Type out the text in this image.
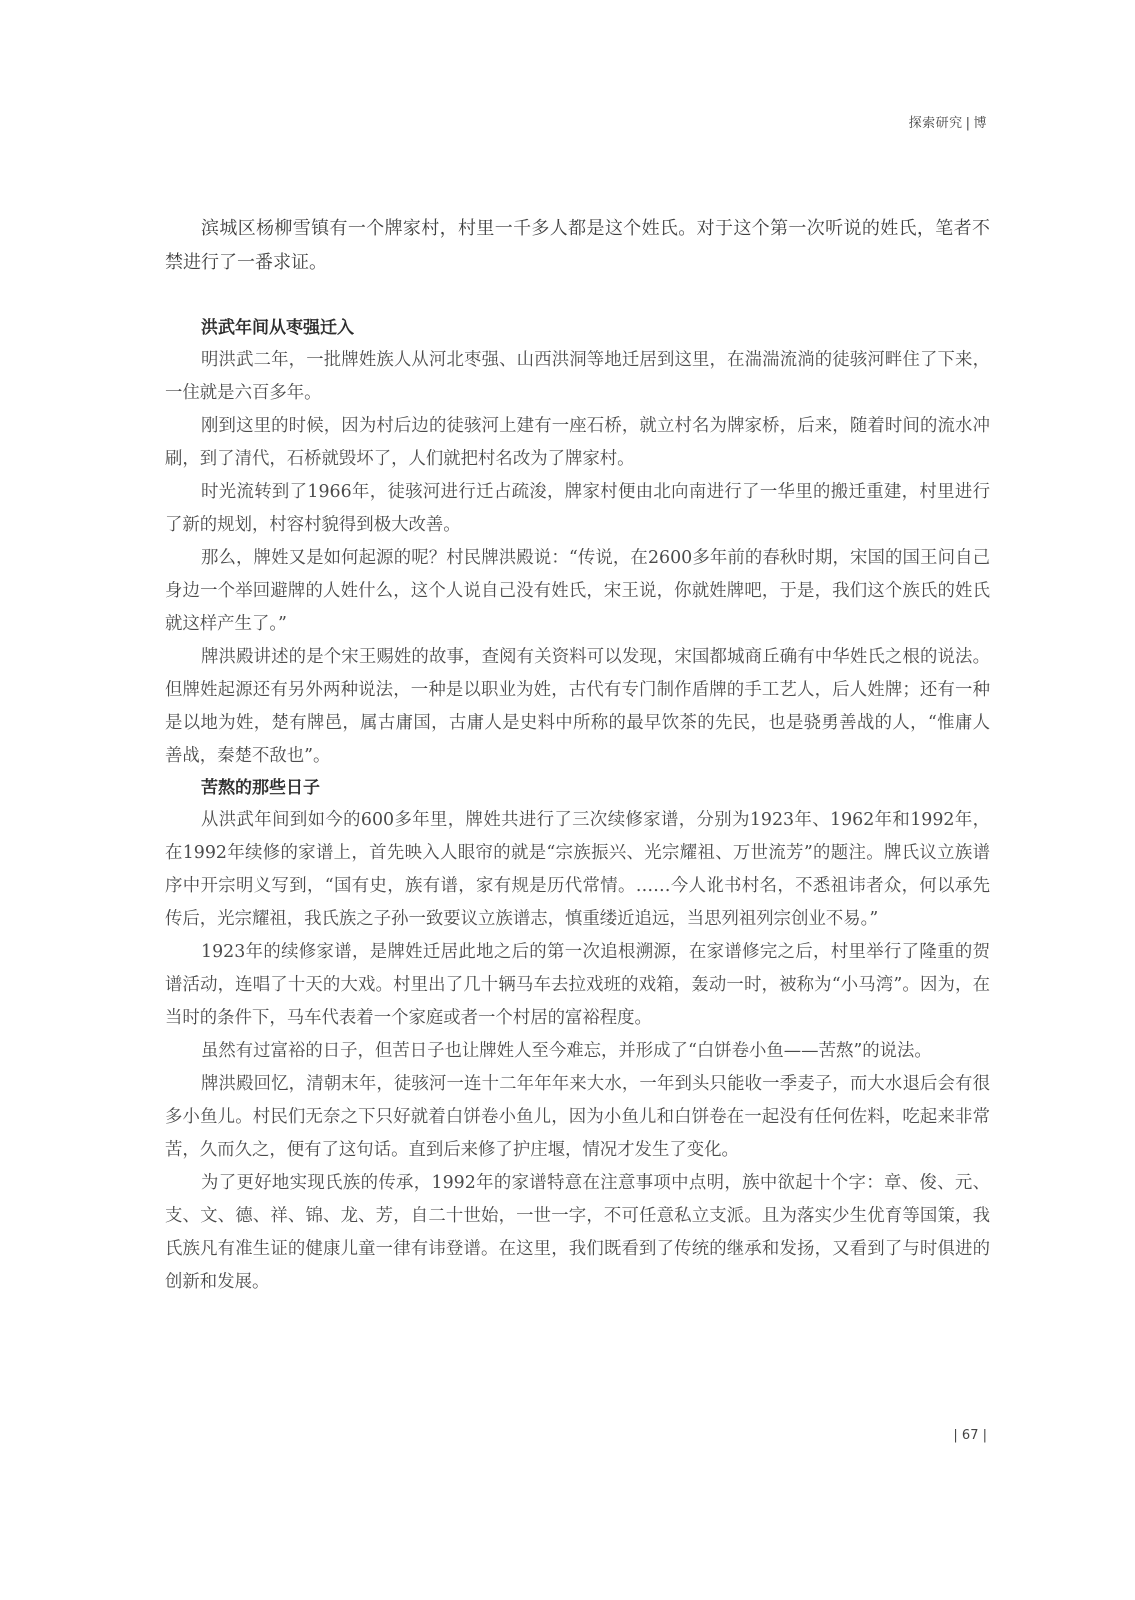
探索研究 | 博

滨城区杨柳雪镇有一个牌家村，村里一千多人都是这个姓氏。对于这个第一次听说的姓氏，笔者不禁进行了一番求证。

洪武年间从枣强迁入

明洪武二年，一批牌姓族人从河北枣强、山西洪洞等地迁居到这里，在湍湍流淌的徒骇河畔住了下来，一住就是六百多年。

刚到这里的时候，因为村后边的徒骇河上建有一座石桥，就立村名为牌家桥，后来，随着时间的流水冲刷，到了清代，石桥就毁坏了，人们就把村名改为了牌家村。

时光流转到了1966年，徒骇河进行迁占疏浚，牌家村便由北向南进行了一华里的搬迁重建，村里进行了新的规划，村容村貌得到极大改善。

那么，牌姓又是如何起源的呢？村民牌洪殿说：“传说，在2600多年前的春秋时期，宋国的国王问自己身边一个举回避牌的人姓什么，这个人说自己没有姓氏，宋王说，你就姓牌吧，于是，我们这个族氏的姓氏就这样产生了。”

牌洪殿讲述的是个宋王赐姓的故事，查阅有关资料可以发现，宋国都城商丘确有中华姓氏之根的说法。但牌姓起源还有另外两种说法，一种是以职业为姓，古代有专门制作盾牌的手工艺人，后人姓牌；还有一种是以地为姓，楚有牌邑，属古庸国，古庸人是史料中所称的最早饮茶的先民，也是骁勇善战的人，“惟庸人善战，秦楚不敌也”。

苦熬的那些日子

从洪武年间到如今的600多年里，牌姓共进行了三次续修家谱，分别为1923年、1962年和1992年，在1992年续修的家谱上，首先映入人眼帘的就是“宗族振兴、光宗耀祖、万世流芳”的题注。牌氏议立族谱序中开宗明义写到，“国有史，族有谱，家有规是历代常情。……今人讹书村名，不悉祖讳者众，何以承先传后，光宗耀祖，我氏族之子孙一致要议立族谱志，慎重缕近追远，当思列祖列宗创业不易。”

1923年的续修家谱，是牌姓迁居此地之后的第一次追根溯源，在家谱修完之后，村里举行了隆重的贺谱活动，连唱了十天的大戏。村里出了几十辆马车去拉戏班的戏箱，轰动一时，被称为“小马湾”。因为，在当时的条件下，马车代表着一个家庭或者一个村居的富裕程度。

虽然有过富裕的日子，但苦日子也让牌姓人至今难忘，并形成了“白饼卷小鱼——苦熬”的说法。

牌洪殿回忆，清朝末年，徒骇河一连十二年年年来大水，一年到头只能收一季麦子，而大水退后会有很多小鱼儿。村民们无奈之下只好就着白饼卷小鱼儿，因为小鱼儿和白饼卷在一起没有任何佐料，吃起来非常苦，久而久之，便有了这句话。直到后来修了护庄堰，情况才发生了变化。

为了更好地实现氏族的传承，1992年的家谱特意在注意事项中点明，族中欲起十个字：章、俊、元、支、文、德、祥、锦、龙、芳，自二十世始，一世一字，不可任意私立支派。且为落实少生优育等国策，我氏族凡有准生证的健康儿童一律有讳登谱。在这里，我们既看到了传统的继承和发扬，又看到了与时俱进的创新和发展。

| 67 |
